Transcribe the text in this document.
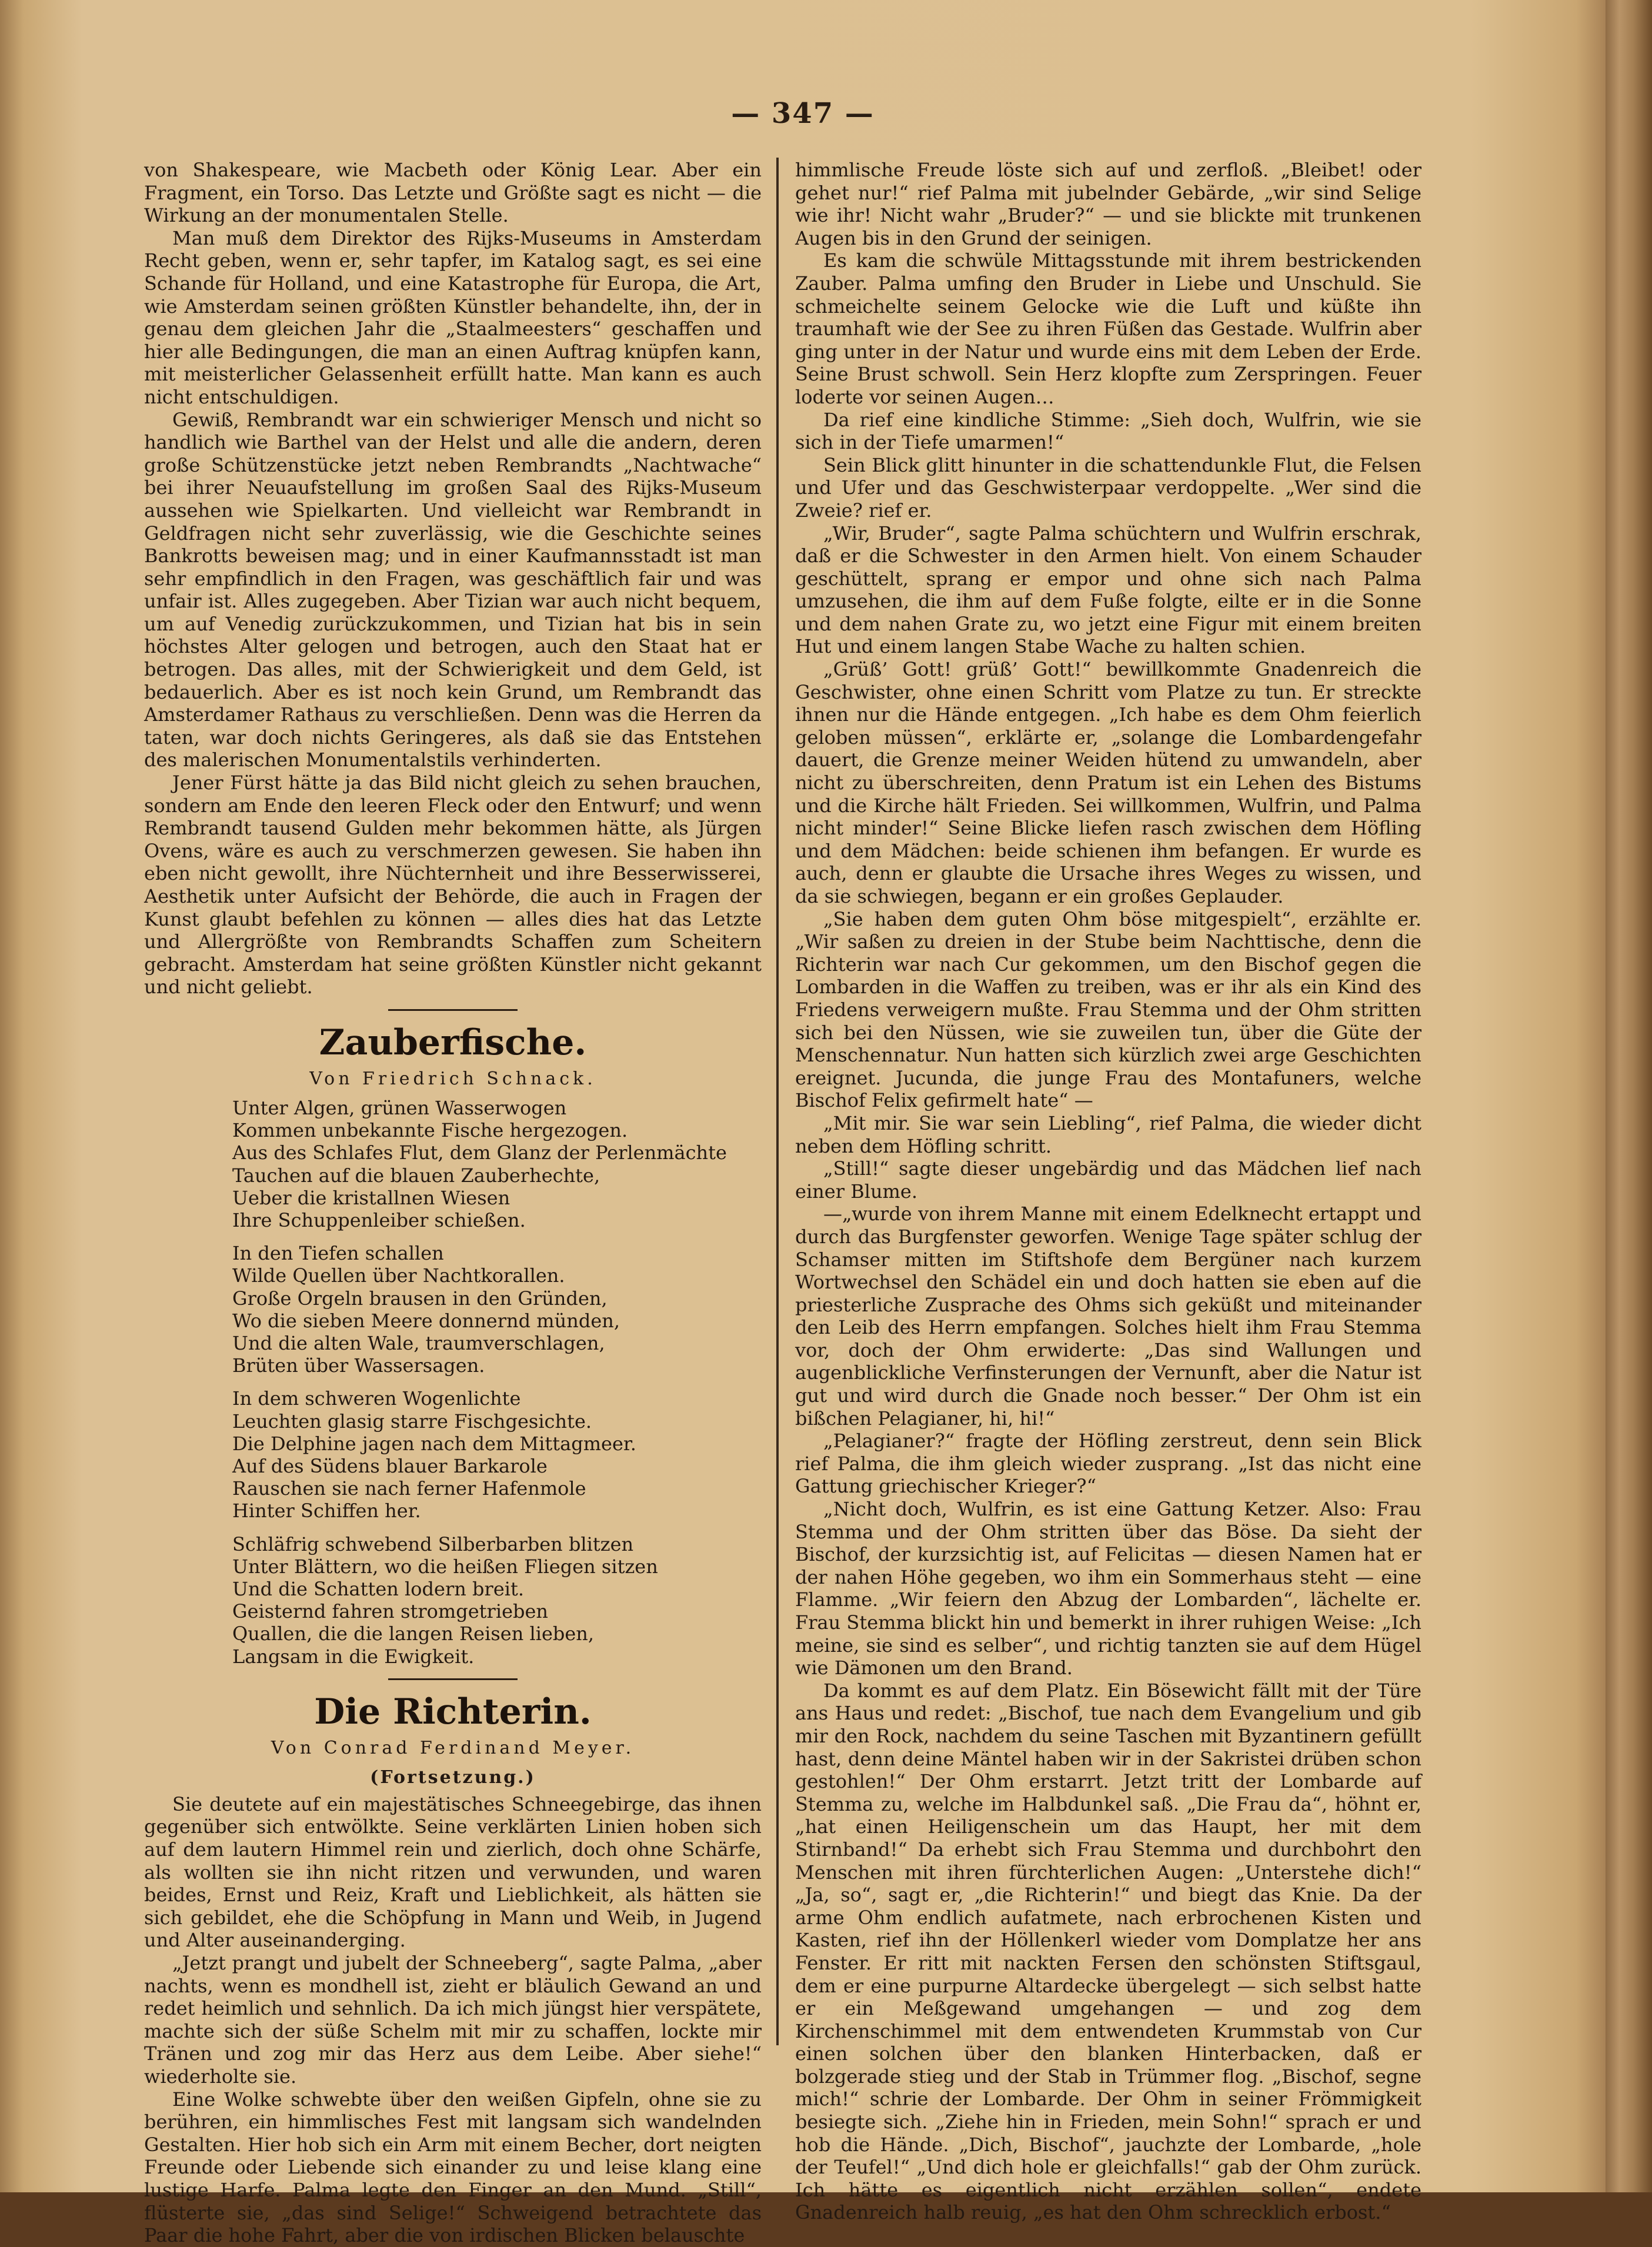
— 347 —

von Shakespeare, wie Macbeth oder König Lear. Aber ein Fragment, ein Torso. Das Letzte und Größte sagt es nicht — die Wirkung an der monumentalen Stelle.

Man muß dem Direktor des Rijks-Museums in Amsterdam Recht geben, wenn er, sehr tapfer, im Katalog sagt, es sei eine Schande für Holland, und eine Katastrophe für Europa, die Art, wie Amsterdam seinen größten Künstler behandelte, ihn, der in genau dem gleichen Jahr die „Staalmeesters“ geschaffen und hier alle Bedingungen, die man an einen Auftrag knüpfen kann, mit meisterlicher Gelassenheit erfüllt hatte. Man kann es auch nicht entschuldigen.

Gewiß, Rembrandt war ein schwieriger Mensch und nicht so handlich wie Barthel van der Helst und alle die andern, deren große Schützenstücke jetzt neben Rembrandts „Nachtwache“ bei ihrer Neuaufstellung im großen Saal des Rijks-Museum aussehen wie Spielkarten. Und vielleicht war Rembrandt in Geldfragen nicht sehr zuverlässig, wie die Geschichte seines Bankrotts beweisen mag; und in einer Kaufmannsstadt ist man sehr empfindlich in den Fragen, was geschäftlich fair und was unfair ist. Alles zugegeben. Aber Tizian war auch nicht bequem, um auf Venedig zurückzukommen, und Tizian hat bis in sein höchstes Alter gelogen und betrogen, auch den Staat hat er betrogen. Das alles, mit der Schwierigkeit und dem Geld, ist bedauerlich. Aber es ist noch kein Grund, um Rembrandt das Amsterdamer Rathaus zu verschließen. Denn was die Herren da taten, war doch nichts Geringeres, als daß sie das Entstehen des malerischen Monumentalstils verhinderten.

Jener Fürst hätte ja das Bild nicht gleich zu sehen brauchen, sondern am Ende den leeren Fleck oder den Entwurf; und wenn Rembrandt tausend Gulden mehr bekommen hätte, als Jürgen Ovens, wäre es auch zu verschmerzen gewesen. Sie haben ihn eben nicht gewollt, ihre Nüchternheit und ihre Besserwisserei, Aesthetik unter Aufsicht der Behörde, die auch in Fragen der Kunst glaubt befehlen zu können — alles dies hat das Letzte und Allergrößte von Rembrandts Schaffen zum Scheitern gebracht. Amsterdam hat seine größten Künstler nicht gekannt und nicht geliebt.

Zauberfische.
Von Friedrich Schnack.
Unter Algen, grünen Wasserwogen
Kommen unbekannte Fische hergezogen.
Aus des Schlafes Flut, dem Glanz der Perlenmächte
Tauchen auf die blauen Zauberhechte,
Ueber die kristallnen Wiesen
Ihre Schuppenleiber schießen.
In den Tiefen schallen
Wilde Quellen über Nachtkorallen.
Große Orgeln brausen in den Gründen,
Wo die sieben Meere donnernd münden,
Und die alten Wale, traumverschlagen,
Brüten über Wassersagen.
In dem schweren Wogenlichte
Leuchten glasig starre Fischgesichte.
Die Delphine jagen nach dem Mittagmeer.
Auf des Südens blauer Barkarole
Rauschen sie nach ferner Hafenmole
Hinter Schiffen her.
Schläfrig schwebend Silberbarben blitzen
Unter Blättern, wo die heißen Fliegen sitzen
Und die Schatten lodern breit.
Geisternd fahren stromgetrieben
Quallen, die die langen Reisen lieben,
Langsam in die Ewigkeit.
Die Richterin.
Von Conrad Ferdinand Meyer.
(Fortsetzung.)

Sie deutete auf ein majestätisches Schneegebirge, das ihnen gegenüber sich entwölkte. Seine verklärten Linien hoben sich auf dem lautern Himmel rein und zierlich, doch ohne Schärfe, als wollten sie ihn nicht ritzen und verwunden, und waren beides, Ernst und Reiz, Kraft und Lieblichkeit, als hätten sie sich gebildet, ehe die Schöpfung in Mann und Weib, in Jugend und Alter auseinanderging.

„Jetzt prangt und jubelt der Schneeberg“, sagte Palma, „aber nachts, wenn es mondhell ist, zieht er bläulich Gewand an und redet heimlich und sehnlich. Da ich mich jüngst hier verspätete, machte sich der süße Schelm mit mir zu schaffen, lockte mir Tränen und zog mir das Herz aus dem Leibe. Aber siehe!“ wiederholte sie.

Eine Wolke schwebte über den weißen Gipfeln, ohne sie zu berühren, ein himmlisches Fest mit langsam sich wandelnden Gestalten. Hier hob sich ein Arm mit einem Becher, dort neigten Freunde oder Liebende sich einander zu und leise klang eine lustige Harfe. Palma legte den Finger an den Mund. „Still“, flüsterte sie, „das sind Selige!“ Schweigend betrachtete das Paar die hohe Fahrt, aber die von irdischen Blicken belauschte

himmlische Freude löste sich auf und zerfloß. „Bleibet! oder gehet nur!“ rief Palma mit jubelnder Gebärde, „wir sind Selige wie ihr! Nicht wahr „Bruder?“ — und sie blickte mit trunkenen Augen bis in den Grund der seinigen.

Es kam die schwüle Mittagsstunde mit ihrem bestrickenden Zauber. Palma umfing den Bruder in Liebe und Unschuld. Sie schmeichelte seinem Gelocke wie die Luft und küßte ihn traumhaft wie der See zu ihren Füßen das Gestade. Wulfrin aber ging unter in der Natur und wurde eins mit dem Leben der Erde. Seine Brust schwoll. Sein Herz klopfte zum Zerspringen. Feuer loderte vor seinen Augen…

Da rief eine kindliche Stimme: „Sieh doch, Wulfrin, wie sie sich in der Tiefe umarmen!“

Sein Blick glitt hinunter in die schattendunkle Flut, die Felsen und Ufer und das Geschwisterpaar verdoppelte. „Wer sind die Zweie? rief er.

„Wir, Bruder“, sagte Palma schüchtern und Wulfrin erschrak, daß er die Schwester in den Armen hielt. Von einem Schauder geschüttelt, sprang er empor und ohne sich nach Palma umzusehen, die ihm auf dem Fuße folgte, eilte er in die Sonne und dem nahen Grate zu, wo jetzt eine Figur mit einem breiten Hut und einem langen Stabe Wache zu halten schien.

„Grüß’ Gott! grüß’ Gott!“ bewillkommte Gnadenreich die Geschwister, ohne einen Schritt vom Platze zu tun. Er streckte ihnen nur die Hände entgegen. „Ich habe es dem Ohm feierlich geloben müssen“, erklärte er, „solange die Lombardengefahr dauert, die Grenze meiner Weiden hütend zu umwandeln, aber nicht zu überschreiten, denn Pratum ist ein Lehen des Bistums und die Kirche hält Frieden. Sei willkommen, Wulfrin, und Palma nicht minder!“ Seine Blicke liefen rasch zwischen dem Höfling und dem Mädchen: beide schienen ihm befangen. Er wurde es auch, denn er glaubte die Ursache ihres Weges zu wissen, und da sie schwiegen, begann er ein großes Geplauder.

„Sie haben dem guten Ohm böse mitgespielt“, erzählte er. „Wir saßen zu dreien in der Stube beim Nachttische, denn die Richterin war nach Cur gekommen, um den Bischof gegen die Lombarden in die Waffen zu treiben, was er ihr als ein Kind des Friedens verweigern mußte. Frau Stemma und der Ohm stritten sich bei den Nüssen, wie sie zuweilen tun, über die Güte der Menschennatur. Nun hatten sich kürzlich zwei arge Geschichten ereignet. Jucunda, die junge Frau des Montafuners, welche Bischof Felix gefirmelt hate“ —

„Mit mir. Sie war sein Liebling“, rief Palma, die wieder dicht neben dem Höfling schritt.

„Still!“ sagte dieser ungebärdig und das Mädchen lief nach einer Blume.

—„wurde von ihrem Manne mit einem Edelknecht ertappt und durch das Burgfenster geworfen. Wenige Tage später schlug der Schamser mitten im Stiftshofe dem Bergüner nach kurzem Wortwechsel den Schädel ein und doch hatten sie eben auf die priesterliche Zusprache des Ohms sich geküßt und miteinander den Leib des Herrn empfangen. Solches hielt ihm Frau Stemma vor, doch der Ohm erwiderte: „Das sind Wallungen und augenblickliche Verfinsterungen der Vernunft, aber die Natur ist gut und wird durch die Gnade noch besser.“ Der Ohm ist ein bißchen Pelagianer, hi, hi!“

„Pelagianer?“ fragte der Höfling zerstreut, denn sein Blick rief Palma, die ihm gleich wieder zusprang. „Ist das nicht eine Gattung griechischer Krieger?“

„Nicht doch, Wulfrin, es ist eine Gattung Ketzer. Also: Frau Stemma und der Ohm stritten über das Böse. Da sieht der Bischof, der kurzsichtig ist, auf Felicitas — diesen Namen hat er der nahen Höhe gegeben, wo ihm ein Sommerhaus steht — eine Flamme. „Wir feiern den Abzug der Lombarden“, lächelte er. Frau Stemma blickt hin und bemerkt in ihrer ruhigen Weise: „Ich meine, sie sind es selber“, und richtig tanzten sie auf dem Hügel wie Dämonen um den Brand.

Da kommt es auf dem Platz. Ein Bösewicht fällt mit der Türe ans Haus und redet: „Bischof, tue nach dem Evangelium und gib mir den Rock, nachdem du seine Taschen mit Byzantinern gefüllt hast, denn deine Mäntel haben wir in der Sakristei drüben schon gestohlen!“ Der Ohm erstarrt. Jetzt tritt der Lombarde auf Stemma zu, welche im Halbdunkel saß. „Die Frau da“, höhnt er, „hat einen Heiligenschein um das Haupt, her mit dem Stirnband!“ Da erhebt sich Frau Stemma und durchbohrt den Menschen mit ihren fürchterlichen Augen: „Unterstehe dich!“ „Ja, so“, sagt er, „die Richterin!“ und biegt das Knie. Da der arme Ohm endlich aufatmete, nach erbrochenen Kisten und Kasten, rief ihn der Höllenkerl wieder vom Domplatze her ans Fenster. Er ritt mit nackten Fersen den schönsten Stiftsgaul, dem er eine purpurne Altardecke übergelegt — sich selbst hatte er ein Meßgewand umgehangen — und zog dem Kirchenschimmel mit dem entwendeten Krummstab von Cur einen solchen über den blanken Hinterbacken, daß er bolzgerade stieg und der Stab in Trümmer flog. „Bischof, segne mich!“ schrie der Lombarde. Der Ohm in seiner Frömmigkeit besiegte sich. „Ziehe hin in Frieden, mein Sohn!“ sprach er und hob die Hände. „Dich, Bischof“, jauchzte der Lombarde, „hole der Teufel!“ „Und dich hole er gleichfalls!“ gab der Ohm zurück. Ich hätte es eigentlich nicht erzählen sollen“, endete Gnadenreich halb reuig, „es hat den Ohm schrecklich erbost.“
